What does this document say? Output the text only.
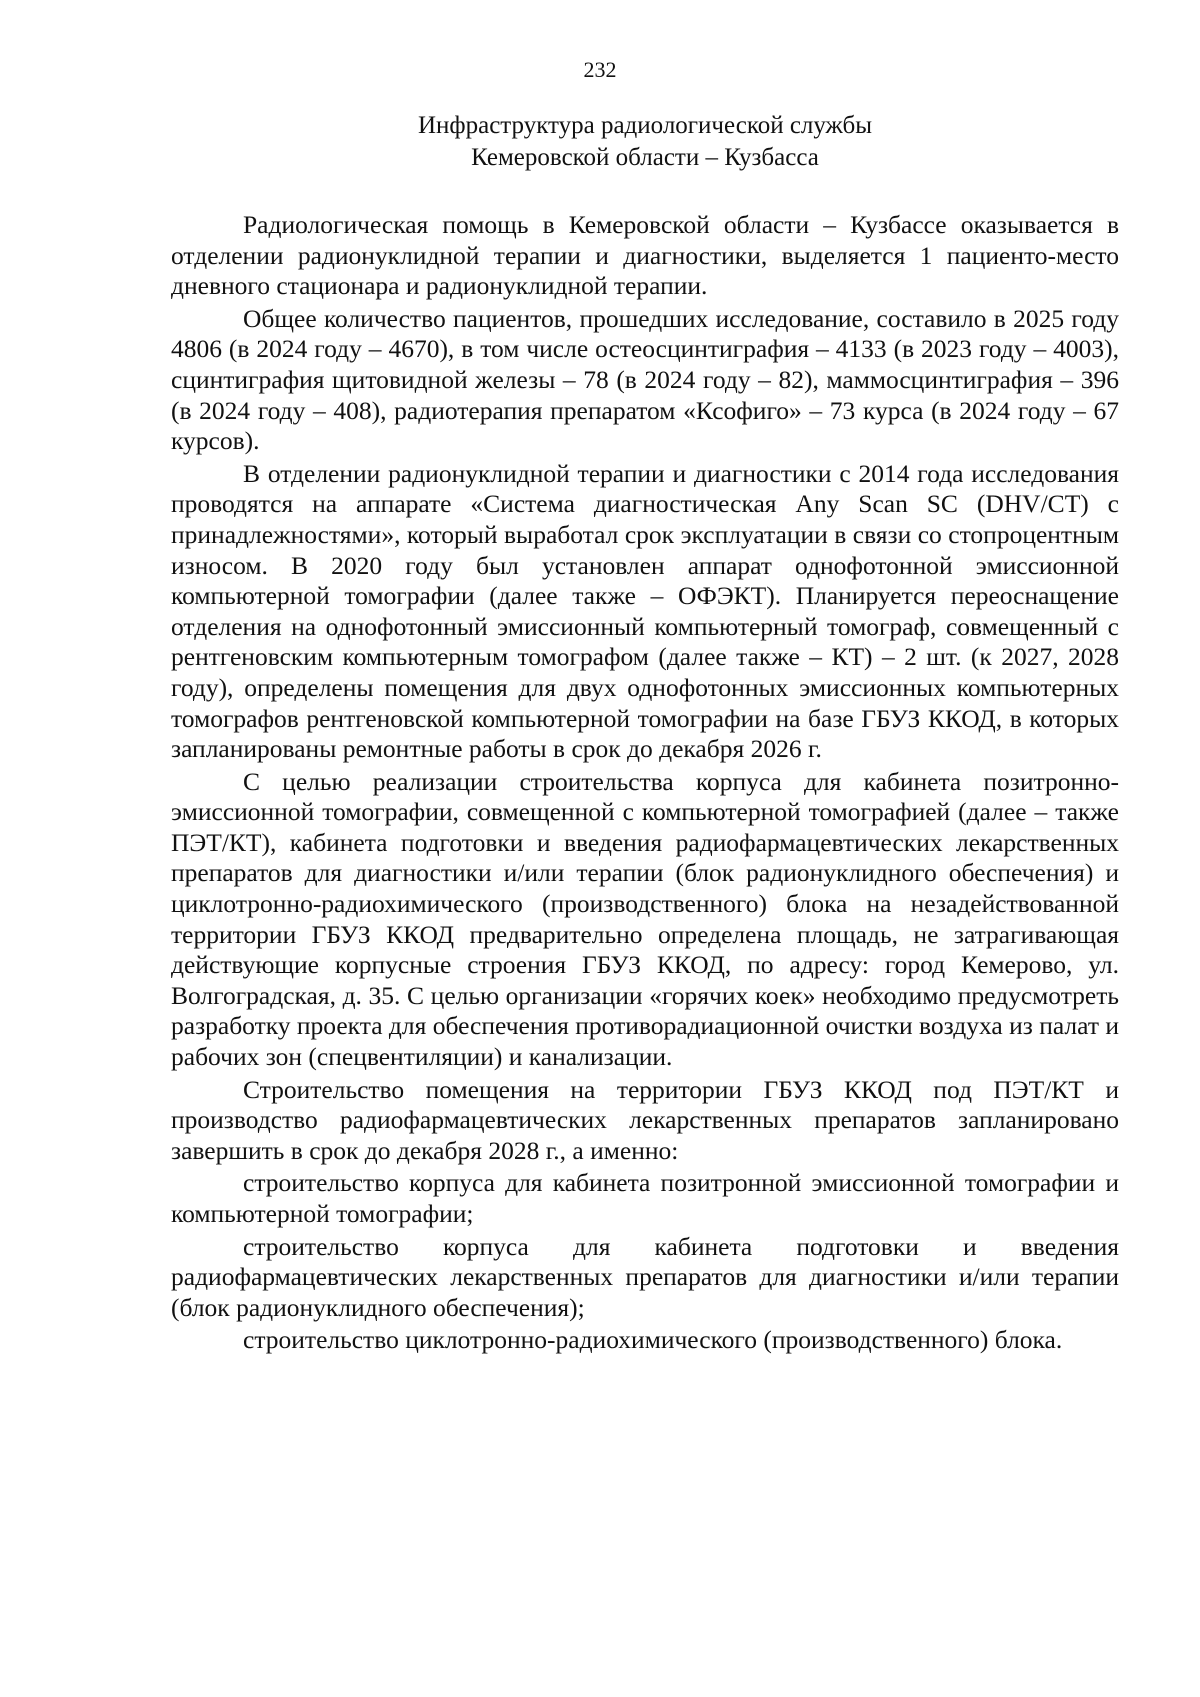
232
Инфраструктура радиологической службы
Кемеровской области – Кузбасса

Радиологическая помощь в Кемеровской области – Кузбассе оказывается в отделении радионуклидной терапии и диагностики, выделяется 1 пациенто-место дневного стационара и радионуклидной терапии.

Общее количество пациентов, прошедших исследование, составило в 2025 году 4806 (в 2024 году – 4670), в том числе остеосцинтиграфия – 4133 (в 2023 году – 4003), сцинтиграфия щитовидной железы – 78 (в 2024 году – 82), маммосцинтиграфия – 396 (в 2024 году – 408), радиотерапия препаратом «Ксофиго» – 73 курса (в 2024 году – 67 курсов).

В отделении радионуклидной терапии и диагностики с 2014 года исследования проводятся на аппарате «Система диагностическая Any Scan SC (DHV/CT) с принадлежностями», который выработал срок эксплуатации в связи со стопроцентным износом. В 2020 году был установлен аппарат однофотонной эмиссионной компьютерной томографии (далее также – ОФЭКТ). Планируется переоснащение отделения на однофотонный эмиссионный компьютерный томограф, совмещенный с рентгеновским компьютерным томографом (далее также – КТ) – 2 шт. (к 2027, 2028 году), определены помещения для двух однофотонных эмиссионных компьютерных томографов рентгеновской компьютерной томографии на базе ГБУЗ ККОД, в которых запланированы ремонтные работы в срок до декабря 2026 г.

С целью реализации строительства корпуса для кабинета позитронно-эмиссионной томографии, совмещенной с компьютерной томографией (далее – также ПЭТ/КТ), кабинета подготовки и введения радиофармацевтических лекарственных препаратов для диагностики и/или терапии (блок радионуклидного обеспечения) и циклотронно-радиохимического (производственного) блока на незадействованной территории ГБУЗ ККОД предварительно определена площадь, не затрагивающая действующие корпусные строения ГБУЗ ККОД, по адресу: город Кемерово, ул. Волгоградская, д. 35. С целью организации «горячих коек» необходимо предусмотреть разработку проекта для обеспечения противорадиационной очистки воздуха из палат и рабочих зон (спецвентиляции) и канализации.

Строительство помещения на территории ГБУЗ ККОД под ПЭТ/КТ и производство радиофармацевтических лекарственных препаратов запланировано завершить в срок до декабря 2028 г., а именно:

строительство корпуса для кабинета позитронной эмиссионной томографии и компьютерной томографии;

строительство корпуса для кабинета подготовки и введения радиофармацевтических лекарственных препаратов для диагностики и/или терапии (блок радионуклидного обеспечения);

строительство циклотронно-радиохимического (производственного) блока.
